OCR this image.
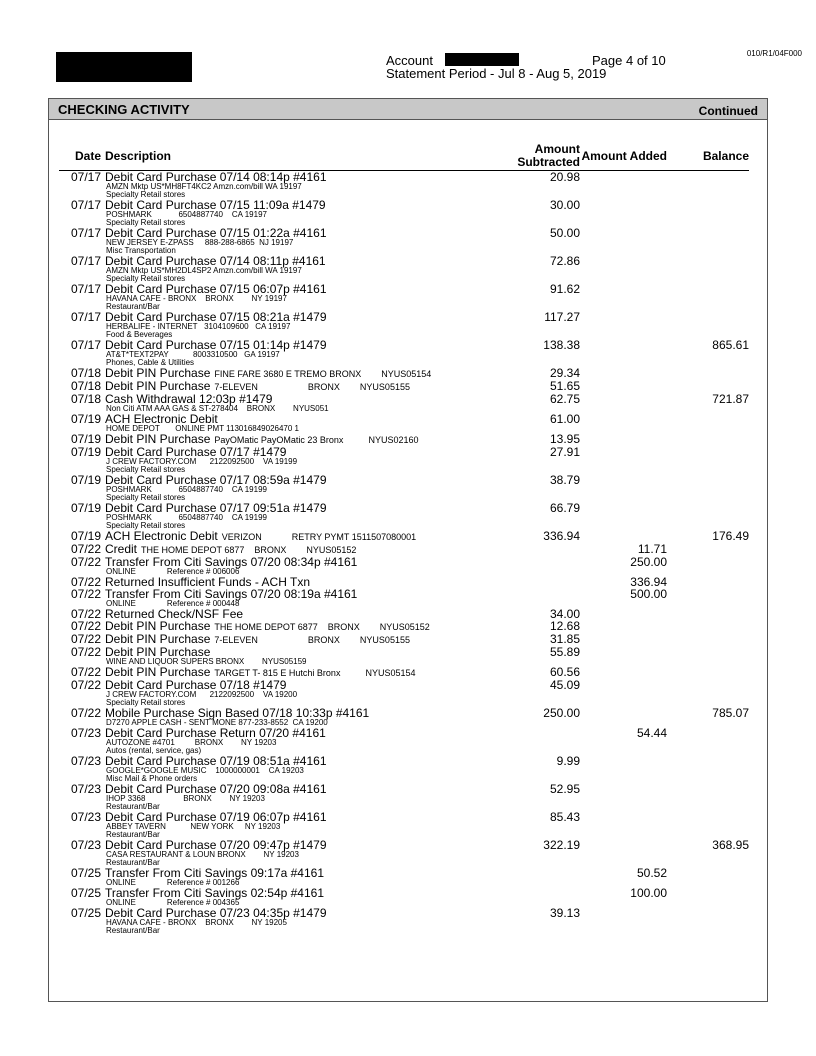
Account	Page 4 of 10
Statement Period - Jul 8 - Aug 5, 2019
010/R1/04F000
CHECKING ACTIVITY	Continued
Date	Description	Amount Subtracted	Amount Added	Balance
07/17	Debit Card Purchase 07/14 08:14p #4161
AMZN Mktp US*MH8FT4KC2 Amzn.com/bill WA 19197
Specialty Retail stores	20.98		
07/17	Debit Card Purchase 07/15 11:09a #1479
POSHMARK            6504887740    CA 19197
Specialty Retail stores	30.00		
07/17	Debit Card Purchase 07/15 01:22a #4161
NEW JERSEY E-ZPASS     888-288-6865  NJ 19197
Misc Transportation	50.00		
07/17	Debit Card Purchase 07/14 08:11p #4161
AMZN Mktp US*MH2DL4SP2 Amzn.com/bill WA 19197
Specialty Retail stores	72.86		
07/17	Debit Card Purchase 07/15 06:07p #4161
HAVANA CAFE - BRONX    BRONX        NY 19197
Restaurant/Bar	91.62		
07/17	Debit Card Purchase 07/15 08:21a #1479
HERBALIFE - INTERNET   3104109600   CA 19197
Food & Beverages	117.27		
07/17	Debit Card Purchase 07/15 01:14p #1479
AT&T*TEXT2PAY           8003310500   GA 19197
Phones, Cable & Utilities	138.38		865.61
07/18	Debit PIN Purchase FINE FARE 3680 E TREMO BRONX        NYUS05154	29.34		
07/18	Debit PIN Purchase 7-ELEVEN                    BRONX        NYUS05155	51.65		
07/18	Cash Withdrawal 12:03p #1479
Non Citi ATM AAA GAS & ST-278404    BRONX        NYUS051	62.75		721.87
07/19	ACH Electronic Debit
HOME DEPOT       ONLINE PMT 113016849026470 1	61.00		
07/19	Debit PIN Purchase PayOMatic PayOMatic 23 Bronx          NYUS02160	13.95		
07/19	Debit Card Purchase 07/17 #1479
J CREW FACTORY.COM      2122092500    VA 19199
Specialty Retail stores	27.91		
07/19	Debit Card Purchase 07/17 08:59a #1479
POSHMARK            6504887740    CA 19199
Specialty Retail stores	38.79		
07/19	Debit Card Purchase 07/17 09:51a #1479
POSHMARK            6504887740    CA 19199
Specialty Retail stores	66.79		
07/19	ACH Electronic Debit VERIZON            RETRY PYMT 1511507080001	336.94		176.49
07/22	Credit THE HOME DEPOT 6877    BRONX        NYUS05152		11.71	
07/22	Transfer From Citi Savings 07/20 08:34p #4161
ONLINE              Reference # 006006		250.00	
07/22	Returned Insufficient Funds - ACH Txn		336.94	
07/22	Transfer From Citi Savings 07/20 08:19a #4161
ONLINE              Reference # 000448		500.00	
07/22	Returned Check/NSF Fee	34.00		
07/22	Debit PIN Purchase THE HOME DEPOT 6877    BRONX        NYUS05152	12.68		
07/22	Debit PIN Purchase 7-ELEVEN                    BRONX        NYUS05155	31.85		
07/22	Debit PIN Purchase
WINE AND LIQUOR SUPERS BRONX        NYUS05159	55.89		
07/22	Debit PIN Purchase TARGET T- 815 E Hutchi Bronx          NYUS05154	60.56		
07/22	Debit Card Purchase 07/18 #1479
J CREW FACTORY.COM      2122092500    VA 19200
Specialty Retail stores	45.09		
07/22	Mobile Purchase Sign Based 07/18 10:33p #4161
D7270 APPLE CASH - SENT MONE 877-233-8552  CA 19200	250.00		785.07
07/23	Debit Card Purchase Return 07/20 #4161
AUTOZONE #4701         BRONX        NY 19203
Autos (rental, service, gas)		54.44	
07/23	Debit Card Purchase 07/19 08:51a #4161
GOOGLE*GOOGLE MUSIC    1000000001    CA 19203
Misc Mail & Phone orders	9.99		
07/23	Debit Card Purchase 07/20 09:08a #4161
IHOP 3368                 BRONX        NY 19203
Restaurant/Bar	52.95		
07/23	Debit Card Purchase 07/19 06:07p #4161
ABBEY TAVERN           NEW YORK     NY 19203
Restaurant/Bar	85.43		
07/23	Debit Card Purchase 07/20 09:47p #1479
CASA RESTAURANT & LOUN BRONX        NY 19203
Restaurant/Bar	322.19		368.95
07/25	Transfer From Citi Savings 09:17a #4161
ONLINE              Reference # 001266		50.52	
07/25	Transfer From Citi Savings 02:54p #4161
ONLINE              Reference # 004365		100.00	
07/25	Debit Card Purchase 07/23 04:35p #1479
HAVANA CAFE - BRONX    BRONX        NY 19205
Restaurant/Bar	39.13		
